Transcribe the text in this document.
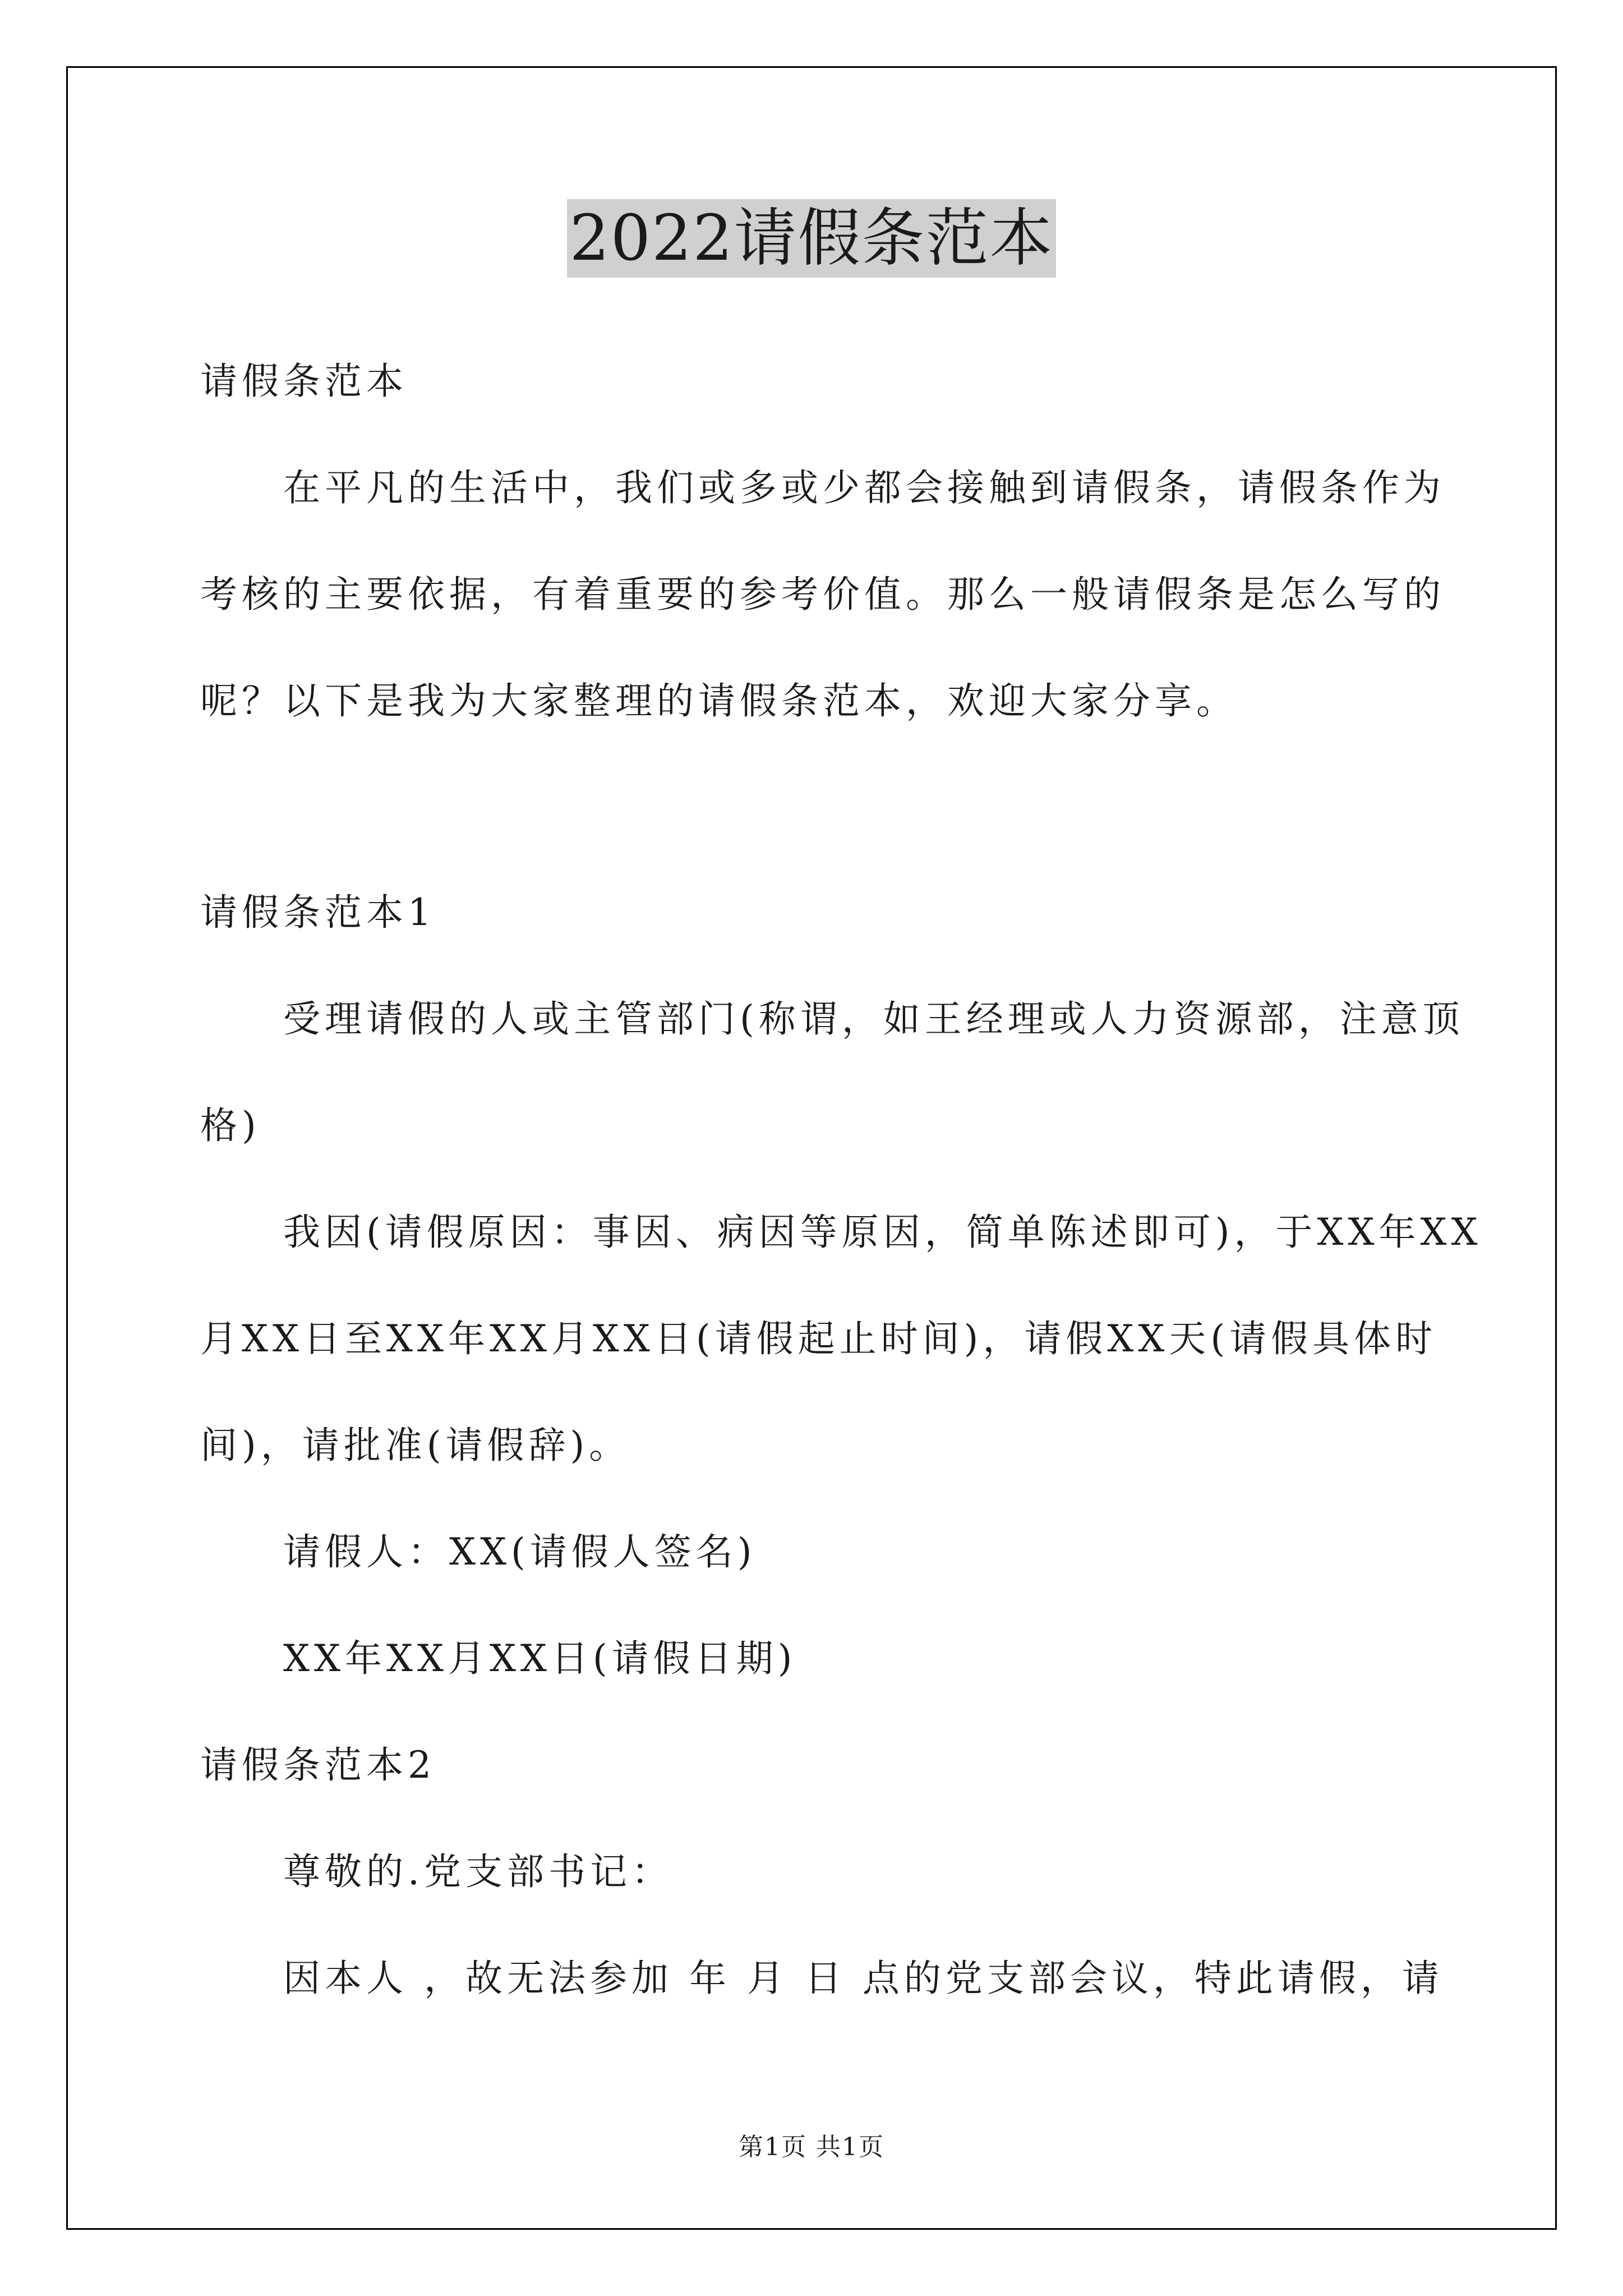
2022请假条范本
请假条范本
在平凡的生活中，我们或多或少都会接触到请假条，请假条作为
考核的主要依据，有着重要的参考价值。那么一般请假条是怎么写的
呢？以下是我为大家整理的请假条范本，欢迎大家分享。
请假条范本1
受理请假的人或主管部门(称谓，如王经理或人力资源部，注意顶
格)
我因(请假原因：事因、病因等原因，简单陈述即可)，于XX年XX
月XX日至XX年XX月XX日(请假起止时间)，请假XX天(请假具体时
间)，请批准(请假辞)。
请假人：XX(请假人签名)
XX年XX月XX日(请假日期)
请假条范本2
尊敬的.党支部书记：
因本人 ，故无法参加 年 月 日 点的党支部会议，特此请假，请
第1页 共1页
